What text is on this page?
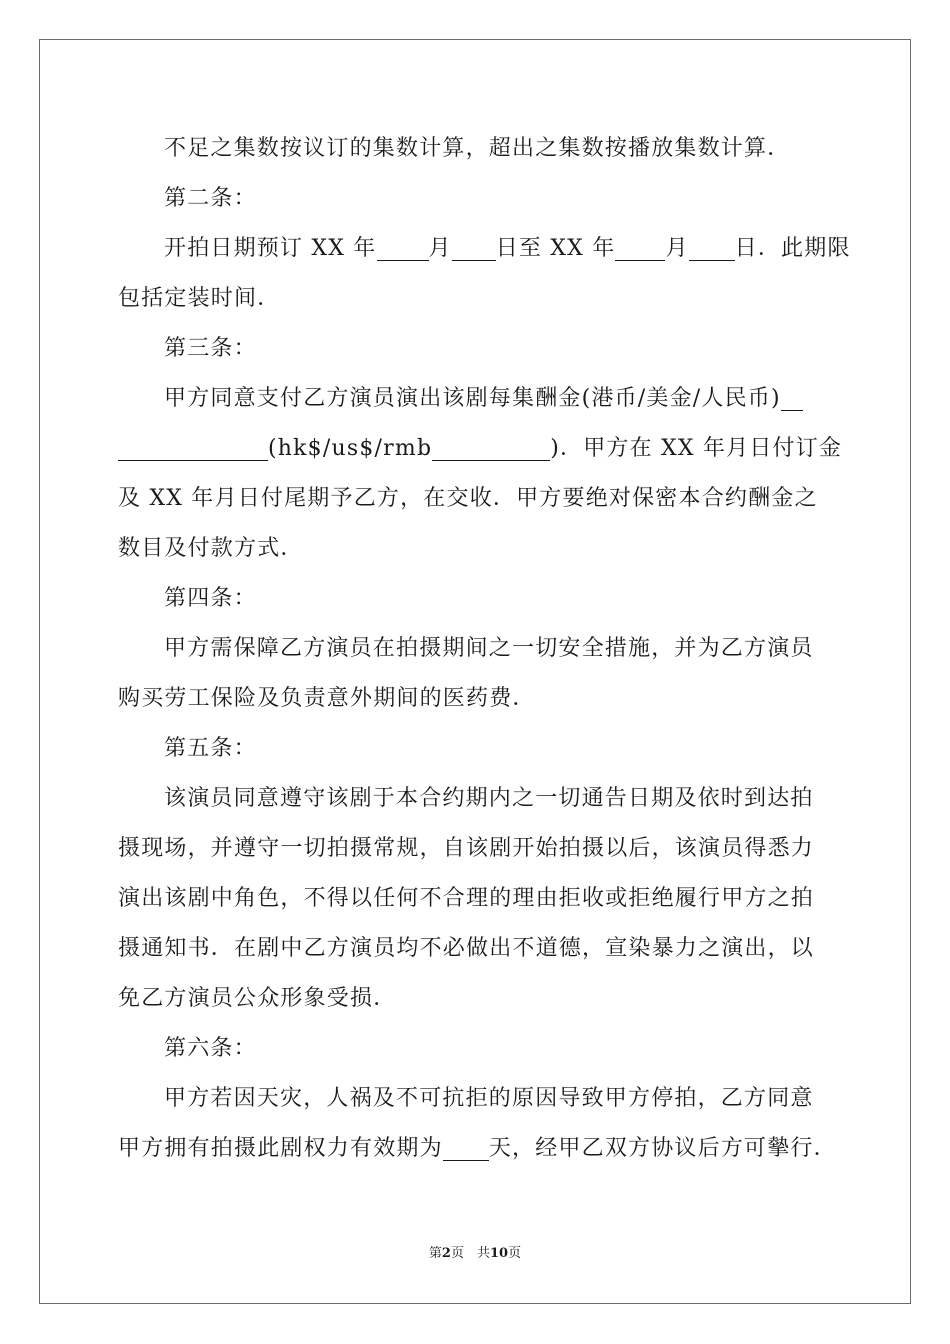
不足之集数按议订的集数计算，超出之集数按播放集数计算．
第二条：
开拍日期预订 XX 年 月 日至 XX 年 月 日．此期限
包括定装时间．
第三条：
甲方同意支付乙方演员演出该剧每集酬金(港币/美金/人民币)
(hk$/us$/rmb	)．甲方在 XX 年月日付订金
及 XX 年月日付尾期予乙方，在交收．甲方要绝对保密本合约酬金之
数目及付款方式．
第四条：
甲方需保障乙方演员在拍摄期间之一切安全措施，并为乙方演员
购买劳工保险及负责意外期间的医药费．
第五条：
该演员同意遵守该剧于本合约期内之一切通告日期及依时到达拍
摄现场，并遵守一切拍摄常规，自该剧开始拍摄以后，该演员得悉力
演出该剧中角色，不得以任何不合理的理由拒收或拒绝履行甲方之拍
摄通知书．在剧中乙方演员均不必做出不道德，宣染暴力之演出，以
免乙方演员公众形象受损．
第六条：
甲方若因天灾，人祸及不可抗拒的原因导致甲方停拍，乙方同意
甲方拥有拍摄此剧权力有效期为 天，经甲乙双方协议后方可摰行．
第2页　共10页
